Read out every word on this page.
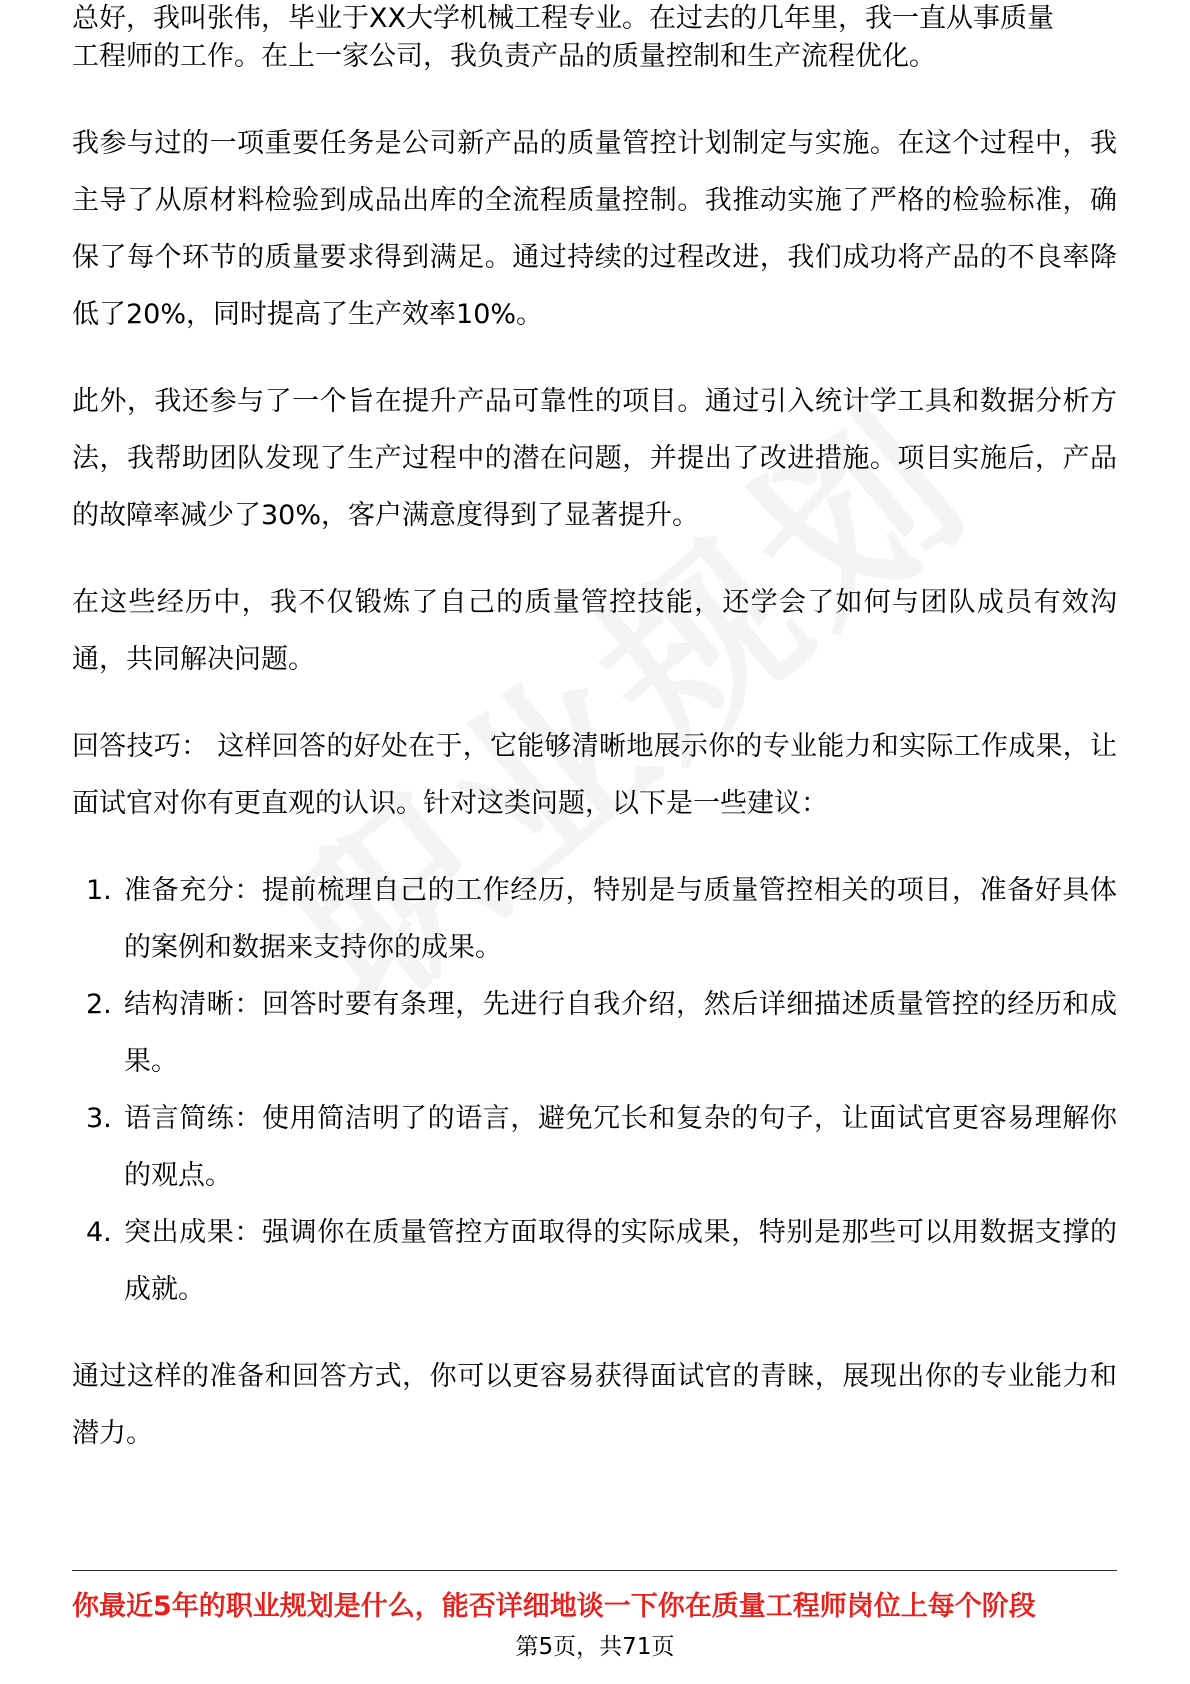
总好，我叫张伟，毕业于XX大学机械工程专业。在过去的几年里，我一直从事质量

工程师的工作。在上一家公司，我负责产品的质量控制和生产流程优化。

我参与过的一项重要任务是公司新产品的质量管控计划制定与实施。在这个过程中，我主导了从原材料检验到成品出库的全流程质量控制。我推动实施了严格的检验标准，确保了每个环节的质量要求得到满足。通过持续的过程改进，我们成功将产品的不良率降低了20%，同时提高了生产效率10%。

此外，我还参与了一个旨在提升产品可靠性的项目。通过引入统计学工具和数据分析方法，我帮助团队发现了生产过程中的潜在问题，并提出了改进措施。项目实施后，产品的故障率减少了30%，客户满意度得到了显著提升。

在这些经历中，我不仅锻炼了自己的质量管控技能，还学会了如何与团队成员有效沟通，共同解决问题。

回答技巧： 这样回答的好处在于，它能够清晰地展示你的专业能力和实际工作成果，让面试官对你有更直观的认识。针对这类问题，以下是一些建议：

1. 准备充分：提前梳理自己的工作经历，特别是与质量管控相关的项目，准备好具体的案例和数据来支持你的成果。
2. 结构清晰：回答时要有条理，先进行自我介绍，然后详细描述质量管控的经历和成果。
3. 语言简练：使用简洁明了的语言，避免冗长和复杂的句子，让面试官更容易理解你的观点。
4. 突出成果：强调你在质量管控方面取得的实际成果，特别是那些可以用数据支撑的成就。

通过这样的准备和回答方式，你可以更容易获得面试官的青睐，展现出你的专业能力和潜力。

你最近5年的职业规划是什么，能否详细地谈一下你在质量工程师岗位上每个阶段
第5页，共71页
